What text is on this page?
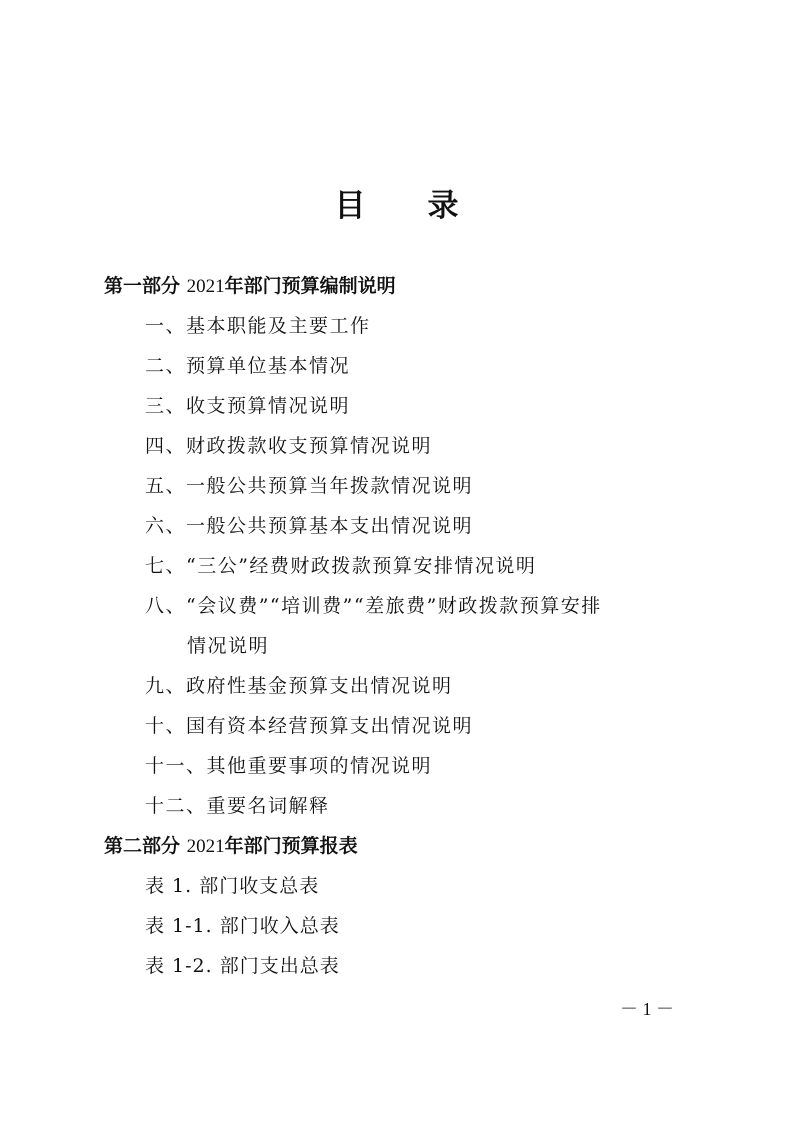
目 录
第一部分 2021年部门预算编制说明
一、基本职能及主要工作
二、预算单位基本情况
三、收支预算情况说明
四、财政拨款收支预算情况说明
五、一般公共预算当年拨款情况说明
六、一般公共预算基本支出情况说明
七、“三公”经费财政拨款预算安排情况说明
八、“会议费”“培训费”“差旅费”财政拨款预算安排
情况说明
九、政府性基金预算支出情况说明
十、国有资本经营预算支出情况说明
十一、其他重要事项的情况说明
十二、重要名词解释
第二部分 2021年部门预算报表
表 1. 部门收支总表
表 1-1. 部门收入总表
表 1-2. 部门支出总表
－ 1 －
